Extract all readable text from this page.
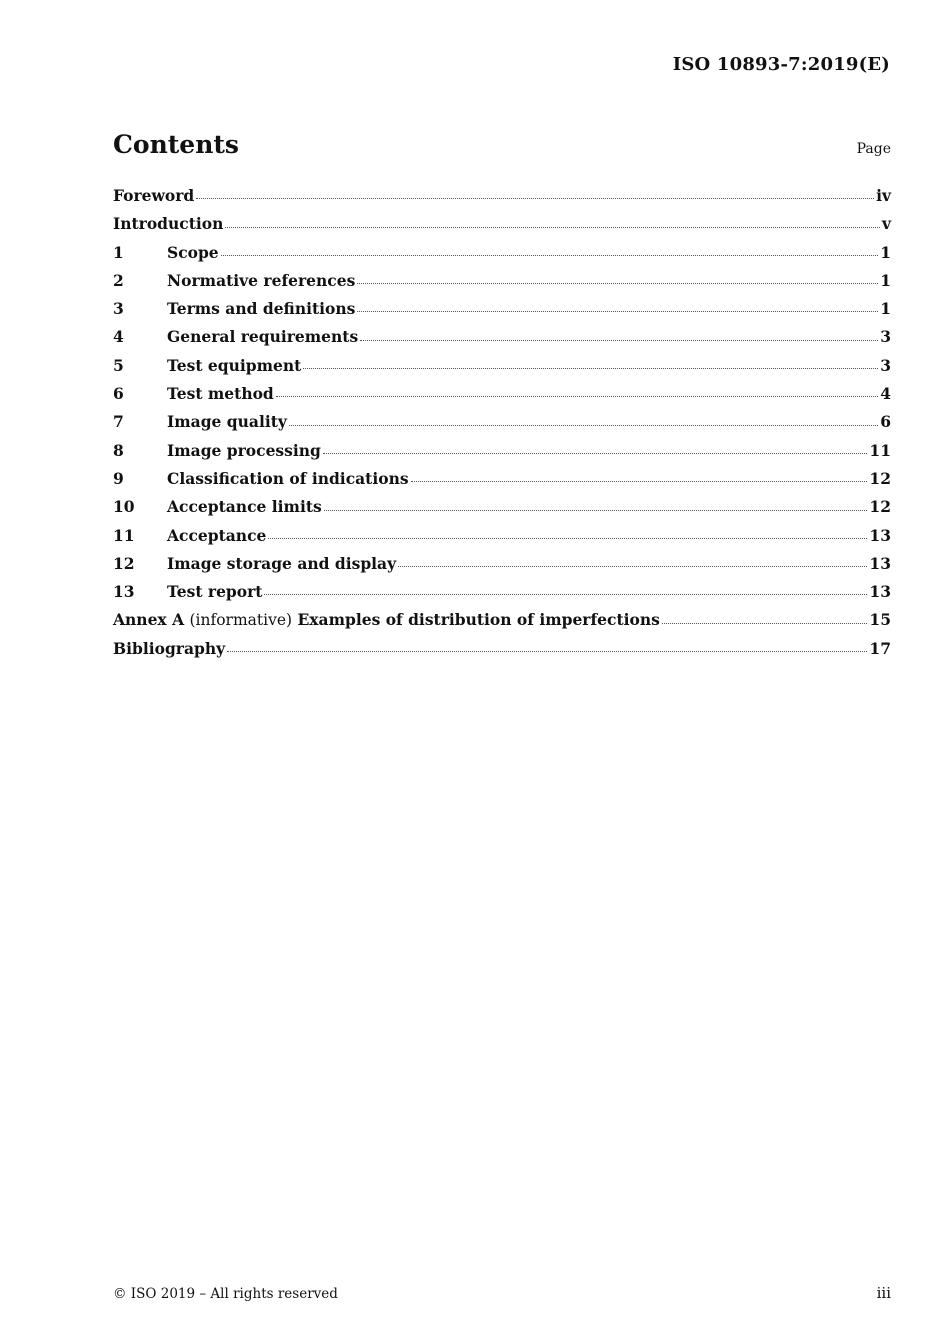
ISO 10893-7:2019(E)
Contents	Page
Foreword	iv
Introduction	v
1	Scope	1
2	Normative references	1
3	Terms and definitions	1
4	General requirements	3
5	Test equipment	3
6	Test method	4
7	Image quality	6
8	Image processing	11
9	Classification of indications	12
10	Acceptance limits	12
11	Acceptance	13
12	Image storage and display	13
13	Test report	13
Annex A (informative) Examples of distribution of imperfections	15
Bibliography	17
© ISO 2019 – All rights reserved	iii
